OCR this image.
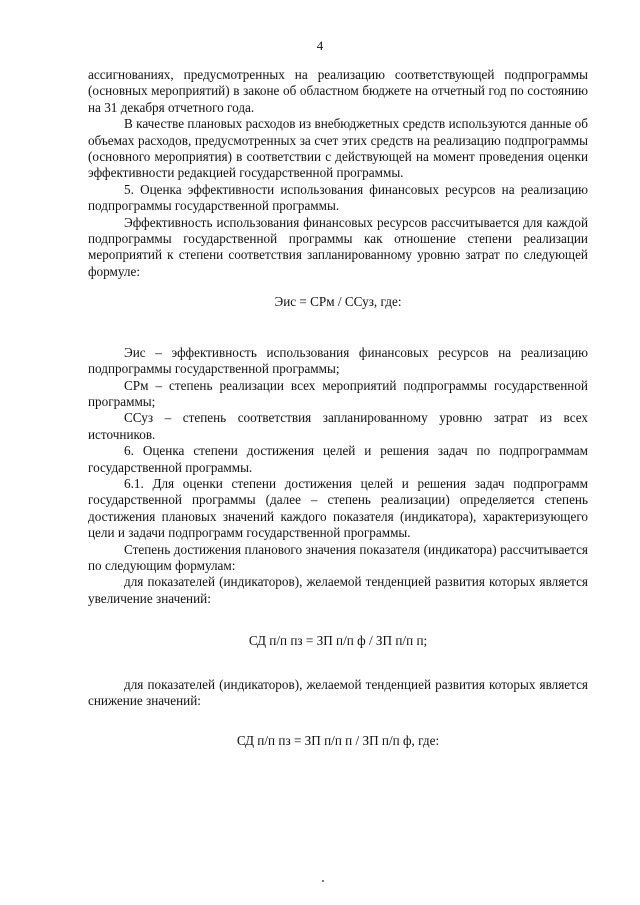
4

ассигнованиях, предусмотренных на реализацию соответствующей подпрограммы (основных мероприятий) в законе об областном бюджете на отчетный год по состоянию на 31 декабря отчетного года.

В качестве плановых расходов из внебюджетных средств используются данные об объемах расходов, предусмотренных за счет этих средств на реализацию подпрограммы (основного мероприятия) в соответствии с действующей на момент проведения оценки эффективности редакцией государственной программы.

5. Оценка эффективности использования финансовых ресурсов на реализацию подпрограммы государственной программы.

Эффективность использования финансовых ресурсов рассчитывается для каждой подпрограммы государственной программы как отношение степени реализации мероприятий к степени соответствия запланированному уровню затрат по следующей формуле:

Эис = СРм / ССуз, где:

Эис – эффективность использования финансовых ресурсов на реализацию подпрограммы государственной программы;

СРм – степень реализации всех мероприятий подпрограммы государственной программы;

ССуз – степень соответствия запланированному уровню затрат из всех источников.

6. Оценка степени достижения целей и решения задач по подпрограммам государственной программы.

6.1. Для оценки степени достижения целей и решения задач подпрограмм государственной программы (далее – степень реализации) определяется степень достижения плановых значений каждого показателя (индикатора), характеризующего цели и задачи подпрограмм государственной программы.

Степень достижения планового значения показателя (индикатора) рассчитывается по следующим формулам:

для показателей (индикаторов), желаемой тенденцией развития которых является увеличение значений:

СД п/п пз = ЗП п/п ф / ЗП п/п п;

для показателей (индикаторов), желаемой тенденцией развития которых является снижение значений:

СД п/п пз = ЗП п/п п / ЗП п/п ф, где:
